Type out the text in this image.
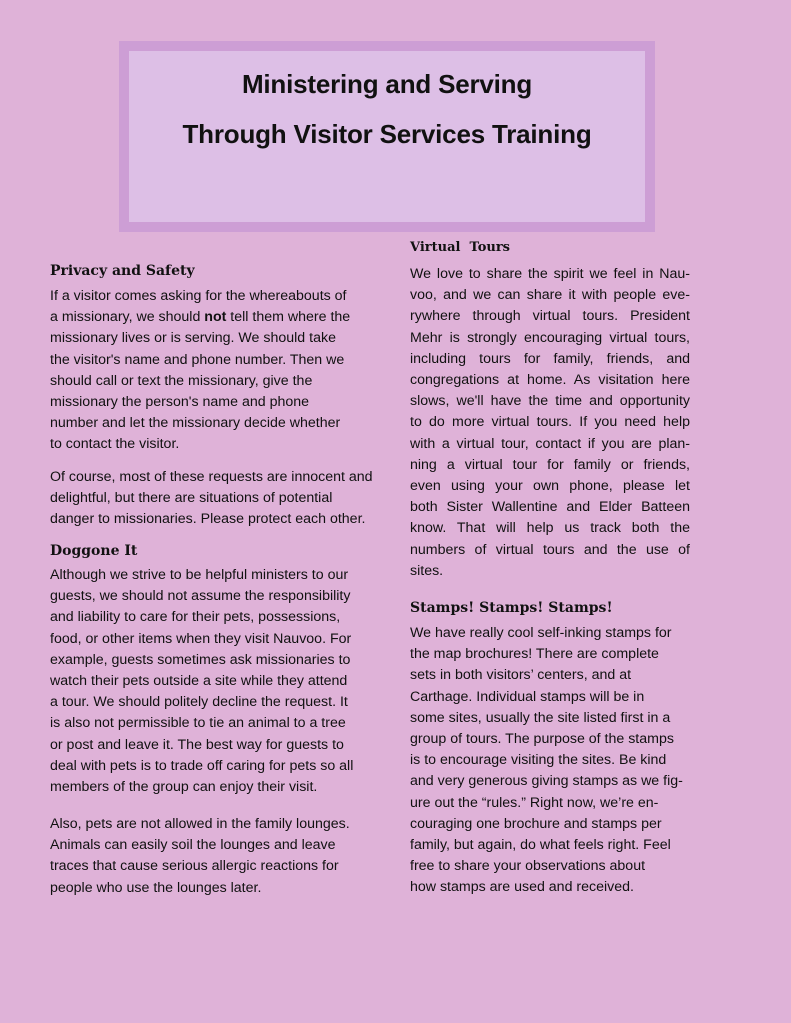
Ministering and Serving
Through Visitor Services Training
Privacy and Safety
If a visitor comes asking for the whereabouts of
a missionary, we should not tell them where the
missionary lives or is serving. We should take
the visitor's name and phone number. Then we
should call or text the missionary, give the
missionary the person's name and phone
number and let the missionary decide whether
to contact the visitor.
Of course, most of these requests are innocent and
delightful, but there are situations of potential
danger to missionaries. Please protect each other.
Doggone It
Although we strive to be helpful ministers to our
guests, we should not assume the responsibility
and liability to care for their pets, possessions,
food, or other items when they visit Nauvoo. For
example, guests sometimes ask missionaries to
watch their pets outside a site while they attend
a tour. We should politely decline the request. It
is also not permissible to tie an animal to a tree
or post and leave it. The best way for guests to
deal with pets is to trade off caring for pets so all
members of the group can enjoy their visit.
Also, pets are not allowed in the family lounges.
Animals can easily soil the lounges and leave
traces that cause serious allergic reactions for
people who use the lounges later.
Virtual  Tours
We love to share the spirit we feel in Nau-
voo, and we can share it with people eve-
rywhere through virtual tours. President
Mehr is strongly encouraging virtual tours,
including tours for family, friends, and
congregations at home. As visitation here
slows, we'll have the time and opportunity
to do more virtual tours. If you need help
with a virtual tour, contact if you are plan-
ning a virtual tour for family or friends,
even using your own phone, please let
both Sister Wallentine and Elder Batteen
know. That will help us track both the
numbers of virtual tours and the use of
sites.
Stamps! Stamps! Stamps!
We have really cool self-inking stamps for
the map brochures! There are complete
sets in both visitors’ centers, and at
Carthage. Individual stamps will be in
some sites, usually the site listed first in a
group of tours. The purpose of the stamps
is to encourage visiting the sites. Be kind
and very generous giving stamps as we fig-
ure out the “rules.” Right now, we’re en-
couraging one brochure and stamps per
family, but again, do what feels right. Feel
free to share your observations about
how stamps are used and received.
